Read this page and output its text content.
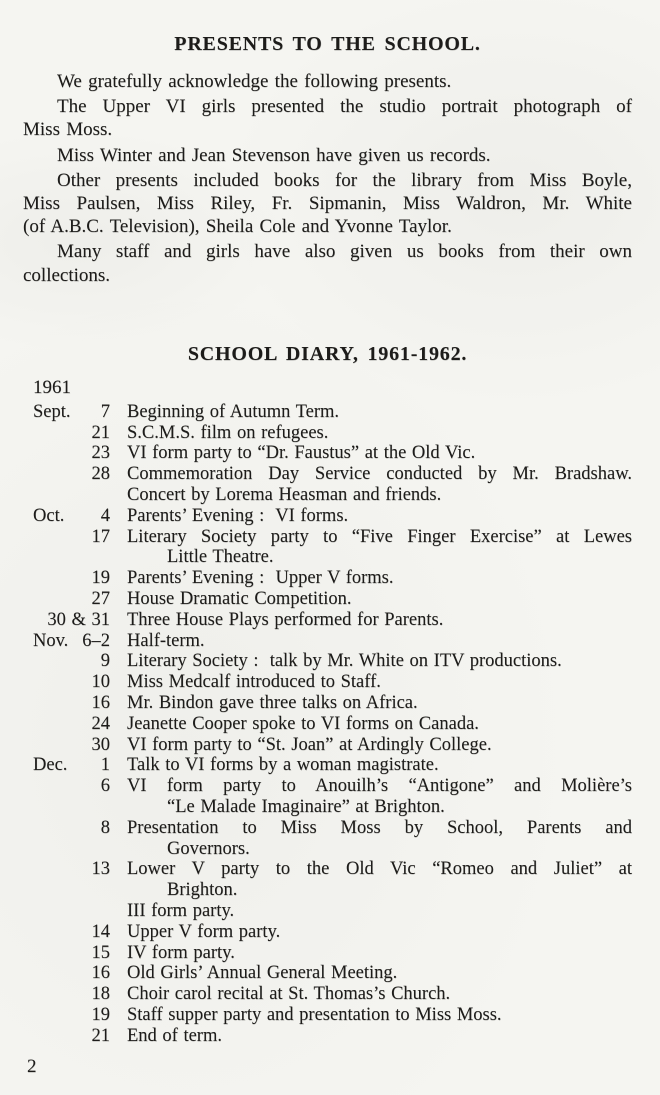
PRESENTS TO THE SCHOOL.
We gratefully acknowledge the following presents.
The Upper VI girls presented the studio portrait photograph of
Miss Moss.
Miss Winter and Jean Stevenson have given us records.
Other presents included books for the library from Miss Boyle,
Miss Paulsen, Miss Riley, Fr. Sipmanin, Miss Waldron, Mr. White
(of A.B.C. Television), Sheila Cole and Yvonne Taylor.
Many staff and girls have also given us books from their own
collections.
SCHOOL DIARY, 1961-1962.
1961
Sept. 7 Beginning of Autumn Term.
21 S.C.M.S. film on refugees.
23 VI form party to “Dr. Faustus” at the Old Vic.
28 Commemoration Day Service conducted by Mr. Bradshaw.
Concert by Lorema Heasman and friends.
Oct. 4 Parents’ Evening :  VI forms.
17 Literary Society party to “Five Finger Exercise” at Lewes
Little Theatre.
19 Parents’ Evening :  Upper V forms.
27 House Dramatic Competition.
30 & 31 Three House Plays performed for Parents.
Nov. 6–2 Half-term.
9 Literary Society :  talk by Mr. White on ITV productions.
10 Miss Medcalf introduced to Staff.
16 Mr. Bindon gave three talks on Africa.
24 Jeanette Cooper spoke to VI forms on Canada.
30 VI form party to “St. Joan” at Ardingly College.
Dec. 1 Talk to VI forms by a woman magistrate.
6 VI form party to Anouilh’s “Antigone” and Molière’s
“Le Malade Imaginaire” at Brighton.
8 Presentation to Miss Moss by School, Parents and
Governors.
13 Lower V party to the Old Vic “Romeo and Juliet” at
Brighton.
III form party.
14 Upper V form party.
15 IV form party.
16 Old Girls’ Annual General Meeting.
18 Choir carol recital at St. Thomas’s Church.
19 Staff supper party and presentation to Miss Moss.
21 End of term.
2
